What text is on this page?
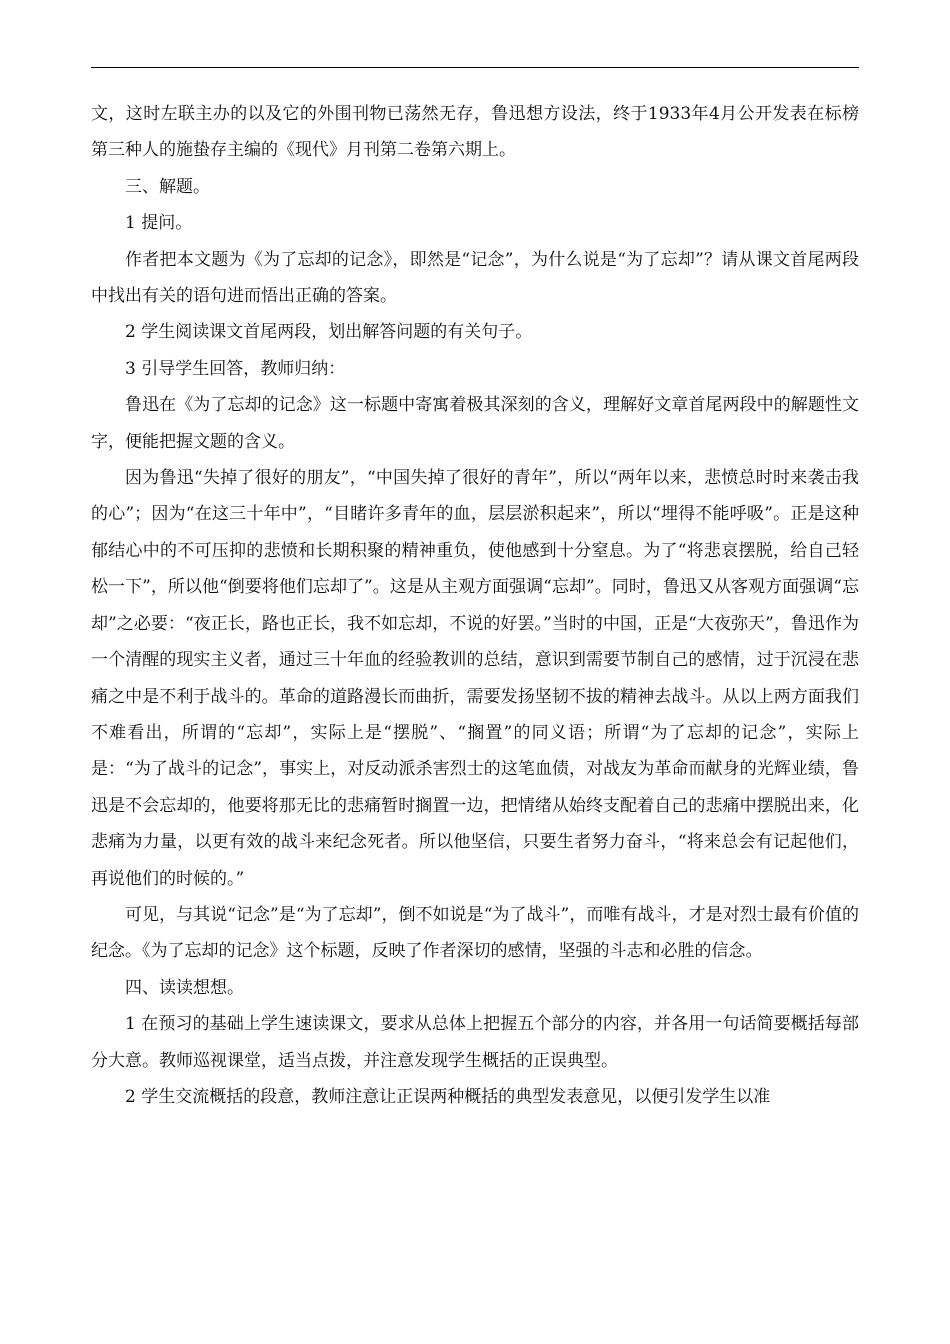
文，这时左联主办的以及它的外围刊物已荡然无存，鲁迅想方设法，终于1933年4月公开发表在标榜第三种人的施蛰存主编的《现代》月刊第二卷第六期上。

三、解题。

1 提问。

作者把本文题为《为了忘却的记念》，即然是“记念”，为什么说是“为了忘却”？请从课文首尾两段中找出有关的语句进而悟出正确的答案。

2 学生阅读课文首尾两段，划出解答问题的有关句子。

3 引导学生回答，教师归纳：

鲁迅在《为了忘却的记念》这一标题中寄寓着极其深刻的含义，理解好文章首尾两段中的解题性文字，便能把握文题的含义。

因为鲁迅“失掉了很好的朋友”，“中国失掉了很好的青年”，所以“两年以来，悲愤总时时来袭击我的心”；因为“在这三十年中”，“目睹许多青年的血，层层淤积起来”，所以“埋得不能呼吸”。正是这种郁结心中的不可压抑的悲愤和长期积聚的精神重负，使他感到十分窒息。为了“将悲哀摆脱，给自己轻松一下”，所以他“倒要将他们忘却了”。这是从主观方面强调“忘却”。同时，鲁迅又从客观方面强调“忘却”之必要：“夜正长，路也正长，我不如忘却，不说的好罢。”当时的中国，正是“大夜弥天”，鲁迅作为一个清醒的现实主义者，通过三十年血的经验教训的总结，意识到需要节制自己的感情，过于沉浸在悲痛之中是不利于战斗的。革命的道路漫长而曲折，需要发扬坚韧不拔的精神去战斗。从以上两方面我们不难看出，所谓的“忘却”，实际上是“摆脱”、“搁置”的同义语；所谓“为了忘却的记念”，实际上是：“为了战斗的记念”，事实上，对反动派杀害烈士的这笔血债，对战友为革命而献身的光辉业绩，鲁迅是不会忘却的，他要将那无比的悲痛暂时搁置一边，把情绪从始终支配着自己的悲痛中摆脱出来，化悲痛为力量，以更有效的战斗来纪念死者。所以他坚信，只要生者努力奋斗，“将来总会有记起他们，再说他们的时候的。”

可见，与其说“记念”是“为了忘却”，倒不如说是“为了战斗”，而唯有战斗，才是对烈士最有价值的纪念。《为了忘却的记念》这个标题，反映了作者深切的感情，坚强的斗志和必胜的信念。

四、读读想想。

1 在预习的基础上学生速读课文，要求从总体上把握五个部分的内容，并各用一句话简要概括每部分大意。教师巡视课堂，适当点拨，并注意发现学生概括的正误典型。

2 学生交流概括的段意，教师注意让正误两种概括的典型发表意见，以便引发学生以准
